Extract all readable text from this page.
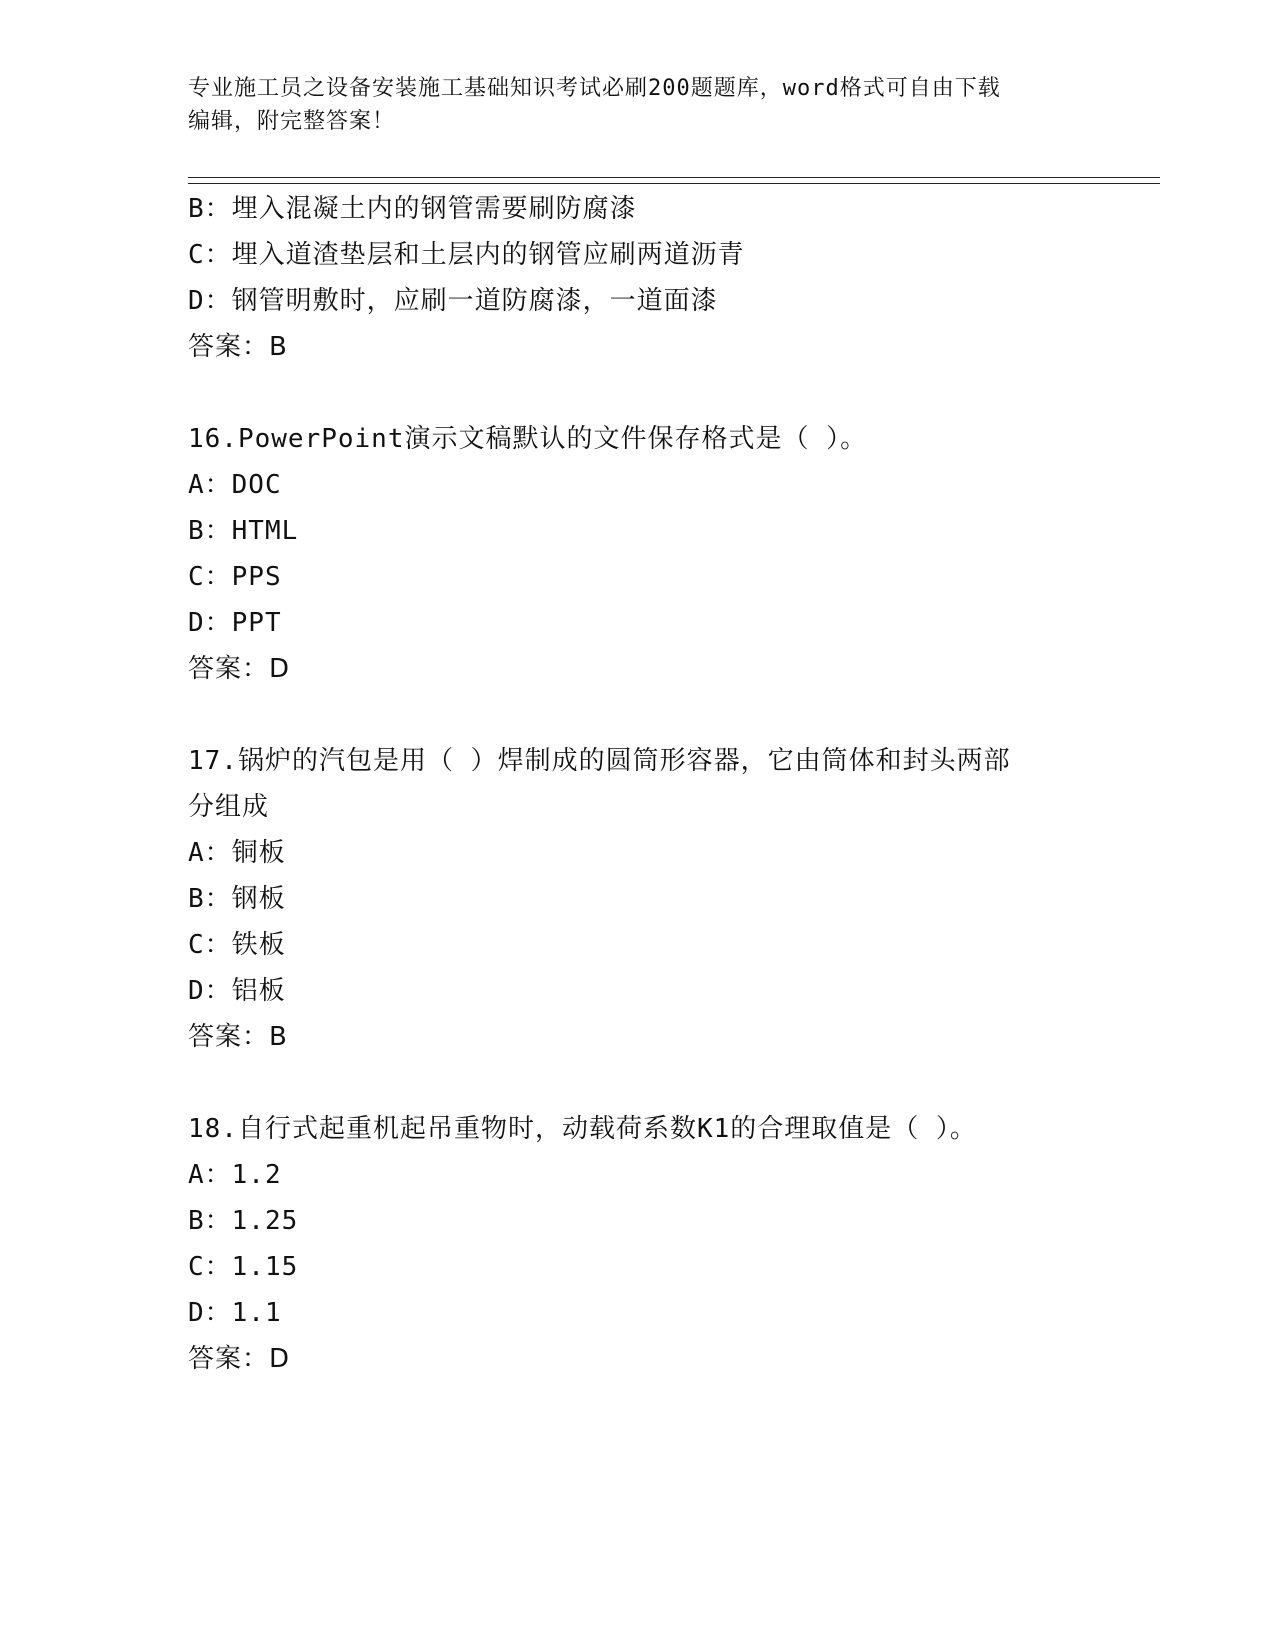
专业施工员之设备安装施工基础知识考试必刷200题题库，word格式可自由下载
编辑，附完整答案！
B：埋入混凝土内的钢管需要刷防腐漆
C：埋入道渣垫层和土层内的钢管应刷两道沥青
D：钢管明敷时，应刷一道防腐漆，一道面漆
答案：B
16.PowerPoint演示文稿默认的文件保存格式是（ ）。
A：DOC
B：HTML
C：PPS
D：PPT
答案：D
17.锅炉的汽包是用（ ）焊制成的圆筒形容器，它由筒体和封头两部
分组成
A：铜板
B：钢板
C：铁板
D：铝板
答案：B
18.自行式起重机起吊重物时，动载荷系数K1的合理取值是（ ）。
A：1.2
B：1.25
C：1.15
D：1.1
答案：D
